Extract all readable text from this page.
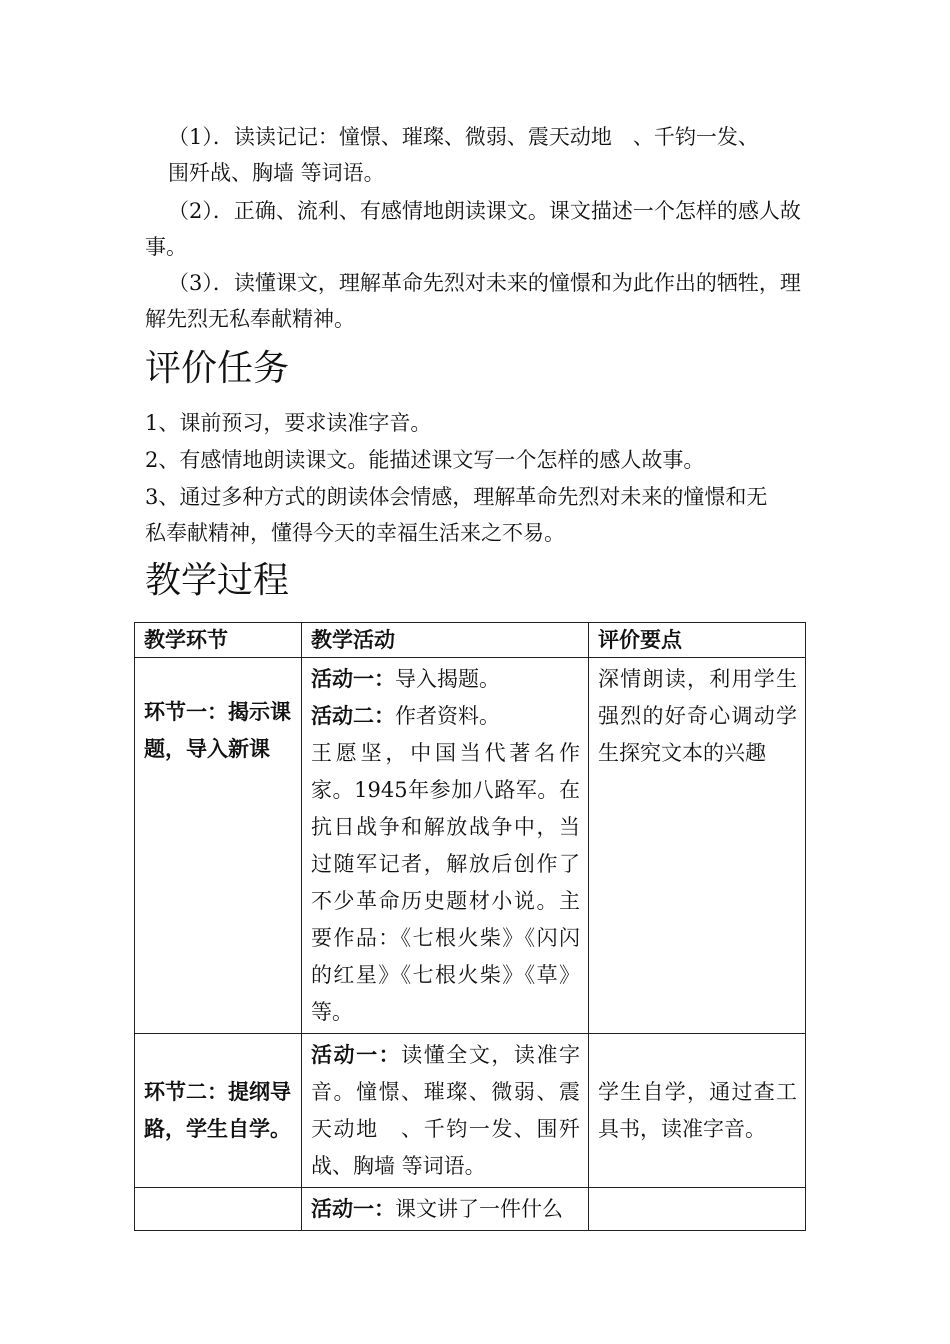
（1）．读读记记：憧憬、璀璨、微弱、震天动地　、千钧一发、
围歼战、胸墙 等词语。
（2）．正确、流利、有感情地朗读课文。课文描述一个怎样的感人故
事。
（3）．读懂课文，理解革命先烈对未来的憧憬和为此作出的牺牲，理
解先烈无私奉献精神。
评价任务
1、课前预习，要求读准字音。
2、有感情地朗读课文。能描述课文写一个怎样的感人故事。
3、通过多种方式的朗读体会情感，理解革命先烈对未来的憧憬和无
私奉献精神，懂得今天的幸福生活来之不易。
教学过程
教学环节	教学活动	评价要点
环节一：揭示课题，导入新课	活动一：导入揭题。
活动二：作者资料。
王愿坚，中国当代著名作家。1945年参加八路军。在抗日战争和解放战争中，当过随军记者，解放后创作了不少革命历史题材小说。主要作品：《七根火柴》《闪闪的红星》《七根火柴》《草》等。	深情朗读，利用学生强烈的好奇心调动学生探究文本的兴趣
环节二：提纲导路，学生自学。	活动一：读懂全文，读准字音。憧憬、璀璨、微弱、震天动地　、千钧一发、围歼战、胸墙 等词语。	学生自学，通过查工具书，读准字音。
	活动一：课文讲了一件什么	
